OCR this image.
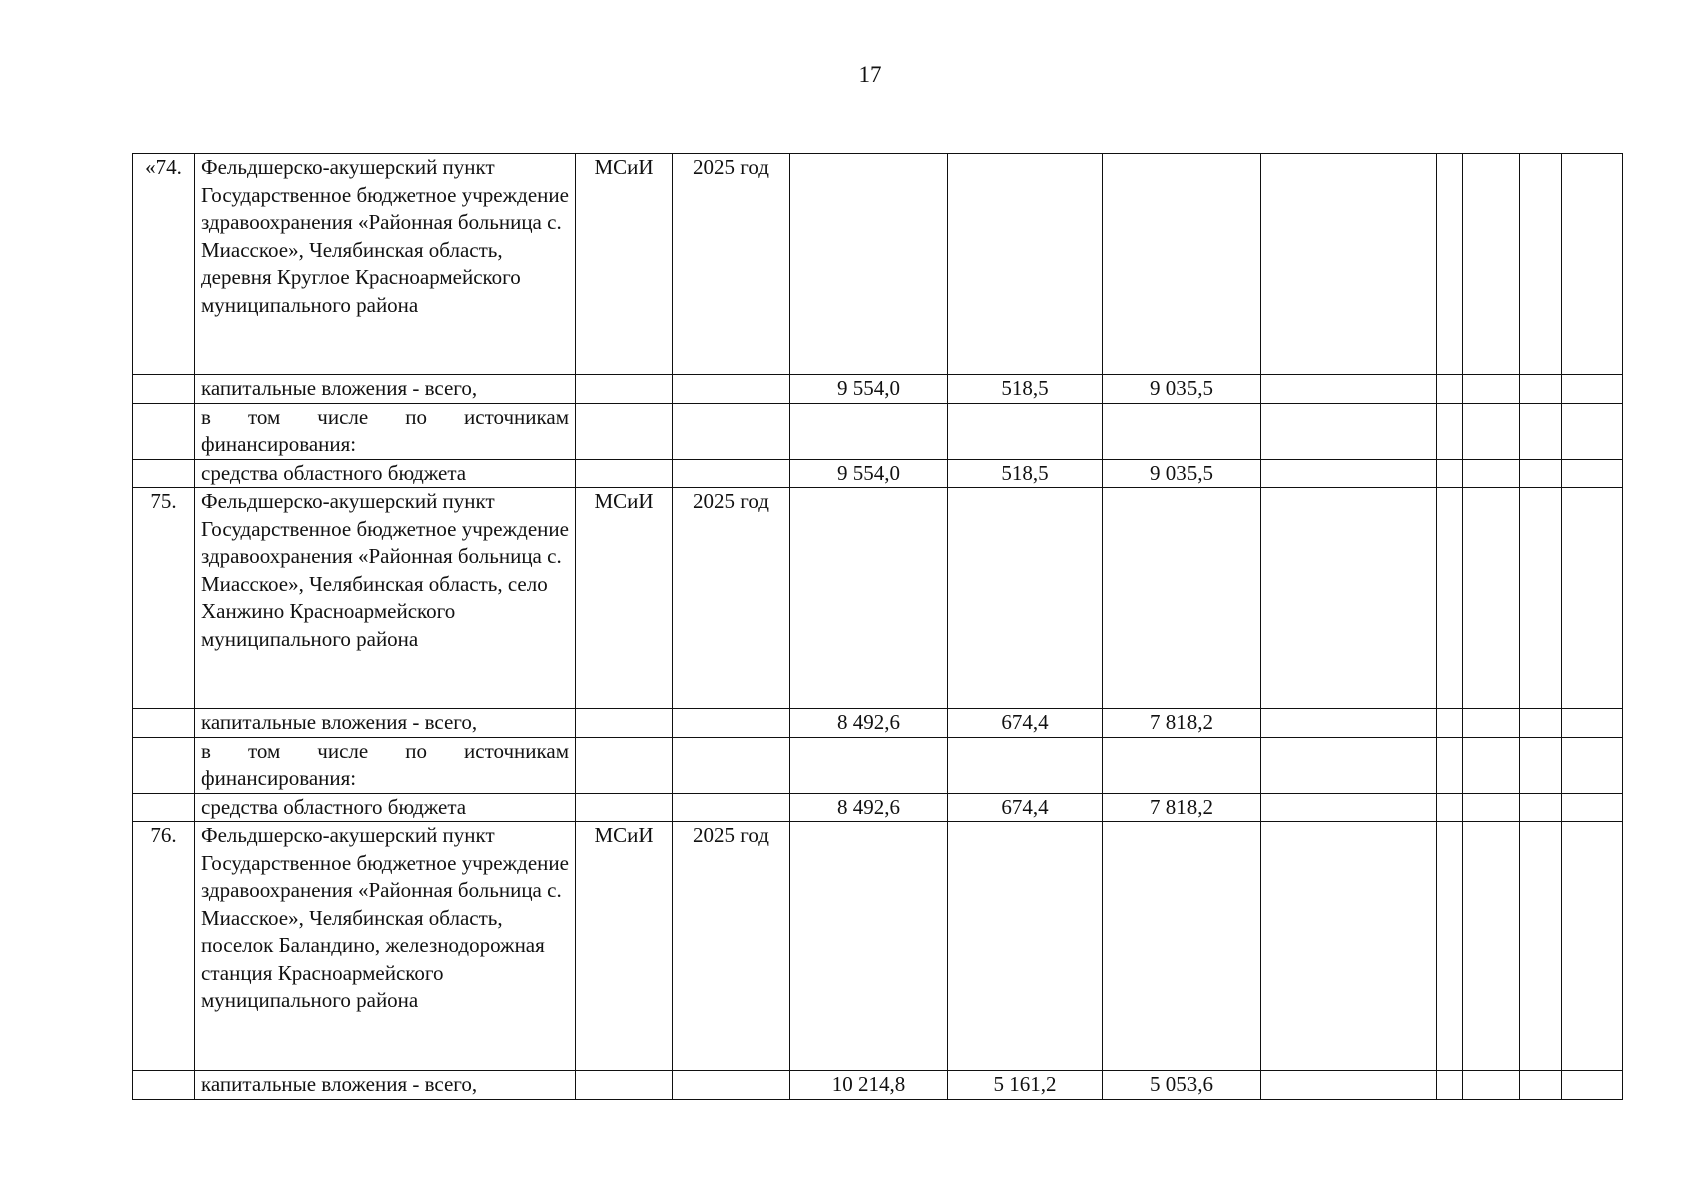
17
«74.	Фельдшерско-акушерский пункт Государственное бюджетное учреждение здравоохранения «Районная больница с. Миасское», Челябинская область, деревня Круглое Красноармейского муниципального района	МСиИ	2025 год								
	капитальные вложения - всего,			9 554,0	518,5	9 035,5					

	в том числе по источникам
финансирования:										

	средства областного бюджета			9 554,0	518,5	9 035,5					
75.	Фельдшерско-акушерский пункт Государственное бюджетное учреждение здравоохранения «Районная больница с. Миасское», Челябинская область, село Ханжино Красноармейского муниципального района	МСиИ	2025 год								
	капитальные вложения - всего,			8 492,6	674,4	7 818,2					

	в том числе по источникам
финансирования:										

	средства областного бюджета			8 492,6	674,4	7 818,2					
76.	Фельдшерско-акушерский пункт Государственное бюджетное учреждение здравоохранения «Районная больница с. Миасское», Челябинская область, поселок Баландино, железнодорожная станция Красноармейского муниципального района	МСиИ	2025 год								
	капитальные вложения - всего,			10 214,8	5 161,2	5 053,6					
